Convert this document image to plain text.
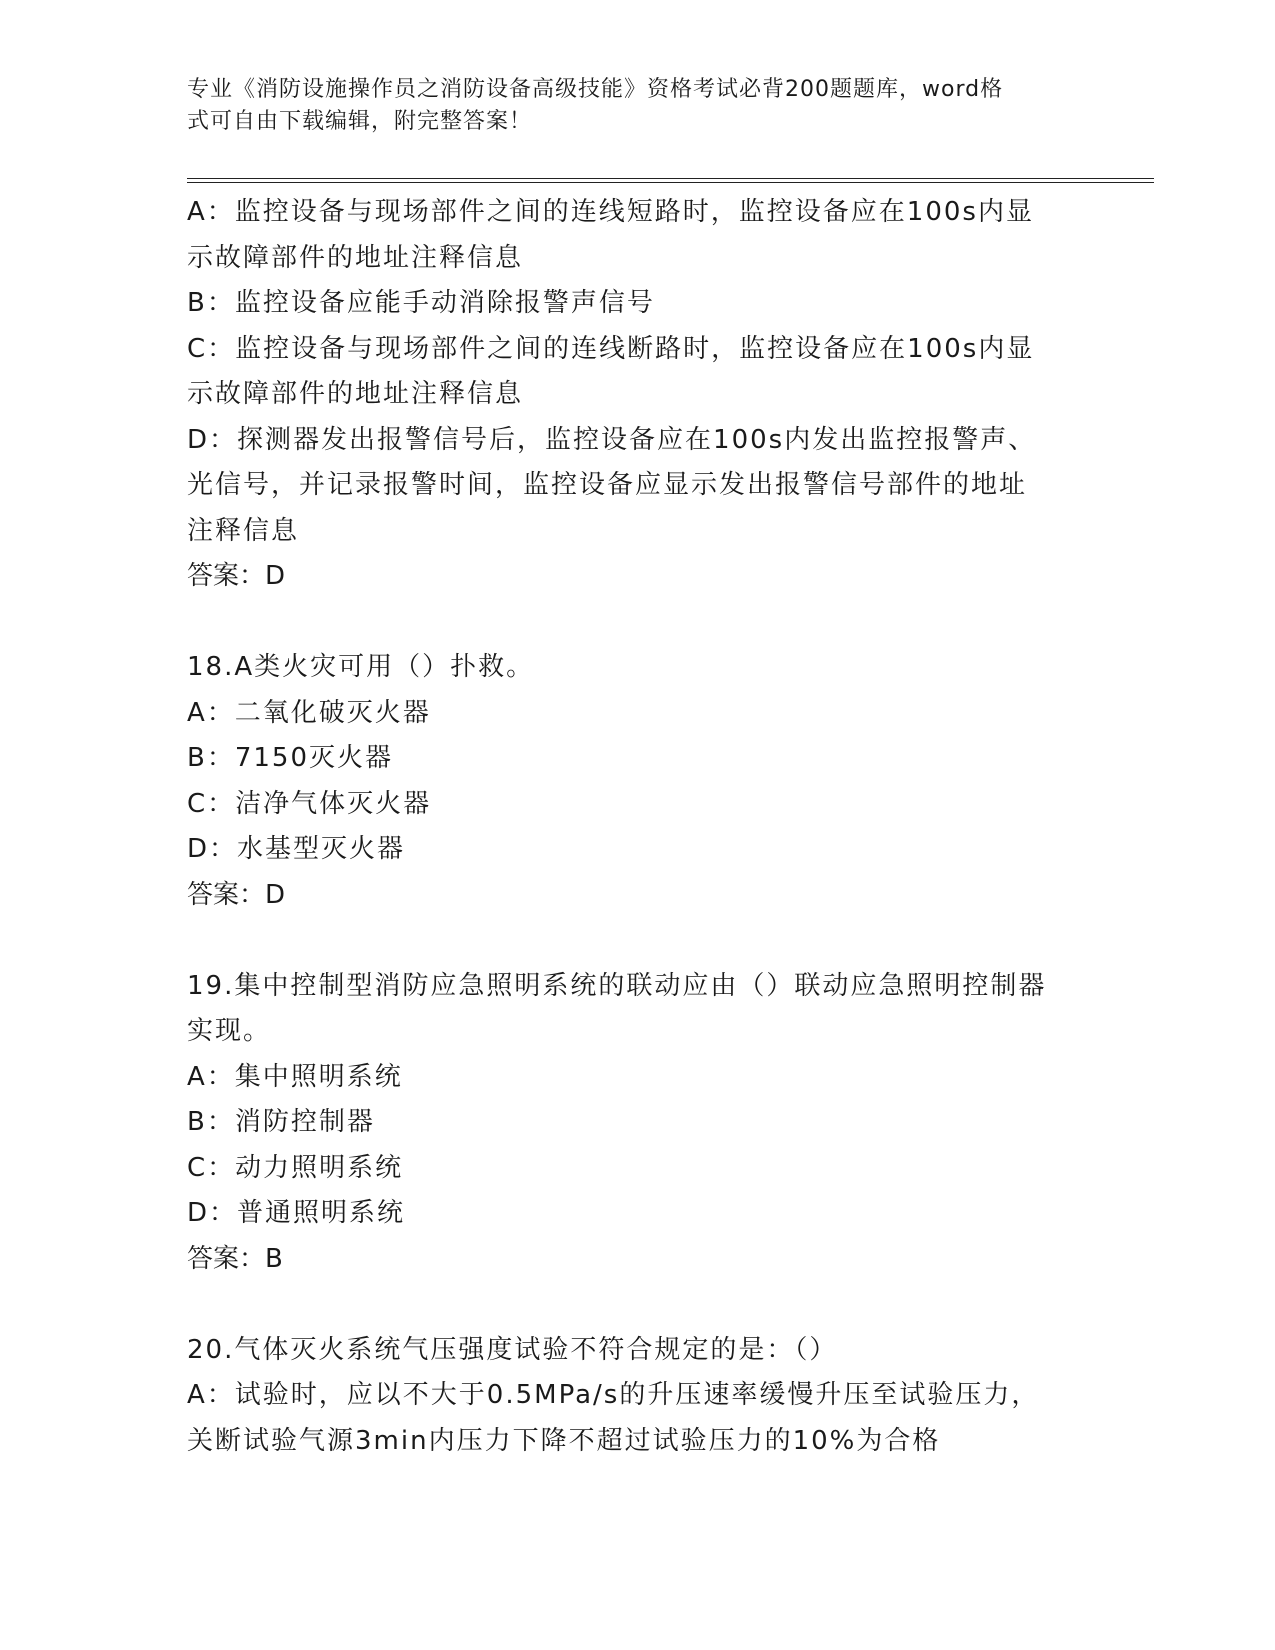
专业《消防设施操作员之消防设备高级技能》资格考试必背200题题库，word格
式可自由下载编辑，附完整答案！
A：监控设备与现场部件之间的连线短路时，监控设备应在100s内显
示故障部件的地址注释信息
B：监控设备应能手动消除报警声信号
C：监控设备与现场部件之间的连线断路时，监控设备应在100s内显
示故障部件的地址注释信息
D：探测器发出报警信号后，监控设备应在100s内发出监控报警声、
光信号，并记录报警时间，监控设备应显示发出报警信号部件的地址
注释信息
答案：D
18.A类火灾可用（）扑救。
A：二氧化破灭火器
B：7150灭火器
C：洁净气体灭火器
D：水基型灭火器
答案：D
19.集中控制型消防应急照明系统的联动应由（）联动应急照明控制器
实现。
A：集中照明系统
B：消防控制器
C：动力照明系统
D：普通照明系统
答案：B
20.气体灭火系统气压强度试验不符合规定的是：（）
A：试验时，应以不大于0.5MPa/s的升压速率缓慢升压至试验压力，
关断试验气源3min内压力下降不超过试验压力的10%为合格
